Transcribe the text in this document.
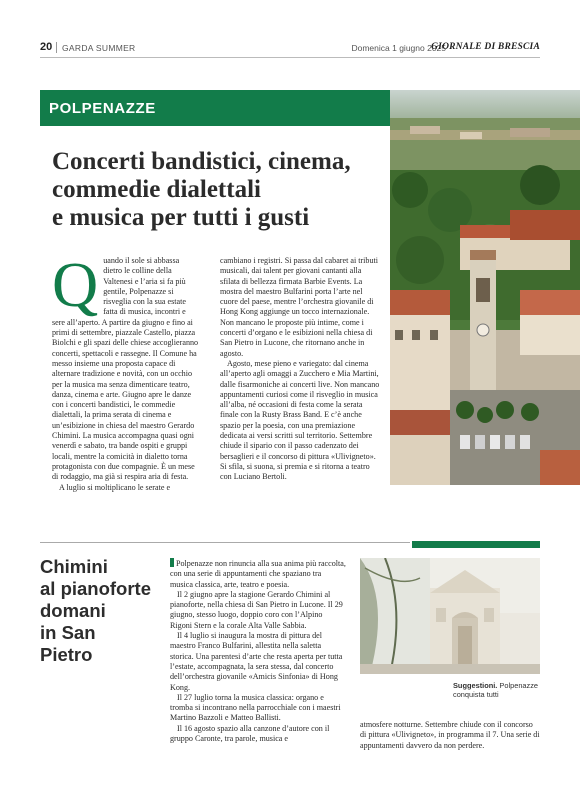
20 GARDA SUMMER	Domenica 1 giugno 2025
GIORNALE DI BRESCIA
POLPENAZZE
Concerti bandistici, cinema,
commedie dialettali
e musica per tutti i gusti

Quando il sole si abbassa dietro le colline della Valtenesi e l’aria si fa più gentile, Polpenazze si risveglia con la sua estate fatta di musica, incontri e sere all’aperto. A partire da giugno e fino ai primi di settembre, piazzale Castello, piazza Biolchi e gli spazi delle chiese accoglieranno concerti, spettacoli e rassegne. Il Comune ha messo insieme una proposta capace di alternare tradizione e novità, con un occhio per la musica ma senza dimenticare teatro, danza, cinema e arte. Giugno apre le danze con i concerti bandistici, le commedie dialettali, la prima serata di cinema e un’esibizione in chiesa del maestro Gerardo Chimini. La musica accompagna quasi ogni venerdì e sabato, tra bande ospiti e gruppi locali, mentre la comicità in dialetto torna protagonista con due compagnie. È un mese di rodaggio, ma già si respira aria di festa.

A luglio si moltiplicano le serate e

cambiano i registri. Si passa dal cabaret ai tributi musicali, dai talent per giovani cantanti alla sfilata di bellezza firmata Barbie Events. La mostra del maestro Bulfarini porta l’arte nel cuore del paese, mentre l’orchestra giovanile di Hong Kong aggiunge un tocco internazionale. Non mancano le proposte più intime, come i concerti d’organo e le esibizioni nella chiesa di San Pietro in Lucone, che ritornano anche in agosto.

Agosto, mese pieno e variegato: dal cinema all’aperto agli omaggi a Zucchero e Mia Martini, dalle fisarmoniche ai concerti live. Non mancano appuntamenti curiosi come il risveglio in musica all’alba, né occasioni di festa come la serata finale con la Rusty Brass Band. E c’è anche spazio per la poesia, con una premiazione dedicata ai versi scritti sul territorio. Settembre chiude il sipario con il passo cadenzato dei bersaglieri e il concorso di pittura «Ulivigneto». Si sfila, si suona, si premia e si ritorna a teatro con Luciano Bertoli.

Chimini
al pianoforte
domani
in San Pietro

Polpenazze non rinuncia alla sua anima più raccolta, con una serie di appuntamenti che spaziano tra musica classica, arte, teatro e poesia.

Il 2 giugno apre la stagione Gerardo Chimini al pianoforte, nella chiesa di San Pietro in Lucone. Il 29 giugno, stesso luogo, doppio coro con l’Alpino Rigoni Stern e la corale Alta Valle Sabbia.

Il 4 luglio si inaugura la mostra di pittura del maestro Franco Bulfarini, allestita nella saletta storica. Una parentesi d’arte che resta aperta per tutta l’estate, accompagnata, la sera stessa, dal concerto dell’orchestra giovanile «Amicis Sinfonia» di Hong Kong.

Il 27 luglio torna la musica classica: organo e tromba si incontrano nella parrocchiale con i maestri Martino Bazzoli e Matteo Ballisti.

Il 16 agosto spazio alla canzone d’autore con il gruppo Caronte, tra parole, musica e

Suggestioni. Polpenazze conquista tutti

atmosfere notturne. Settembre chiude con il concorso di pittura «Ulivigneto», in programma il 7. Una serie di appuntamenti davvero da non perdere.
